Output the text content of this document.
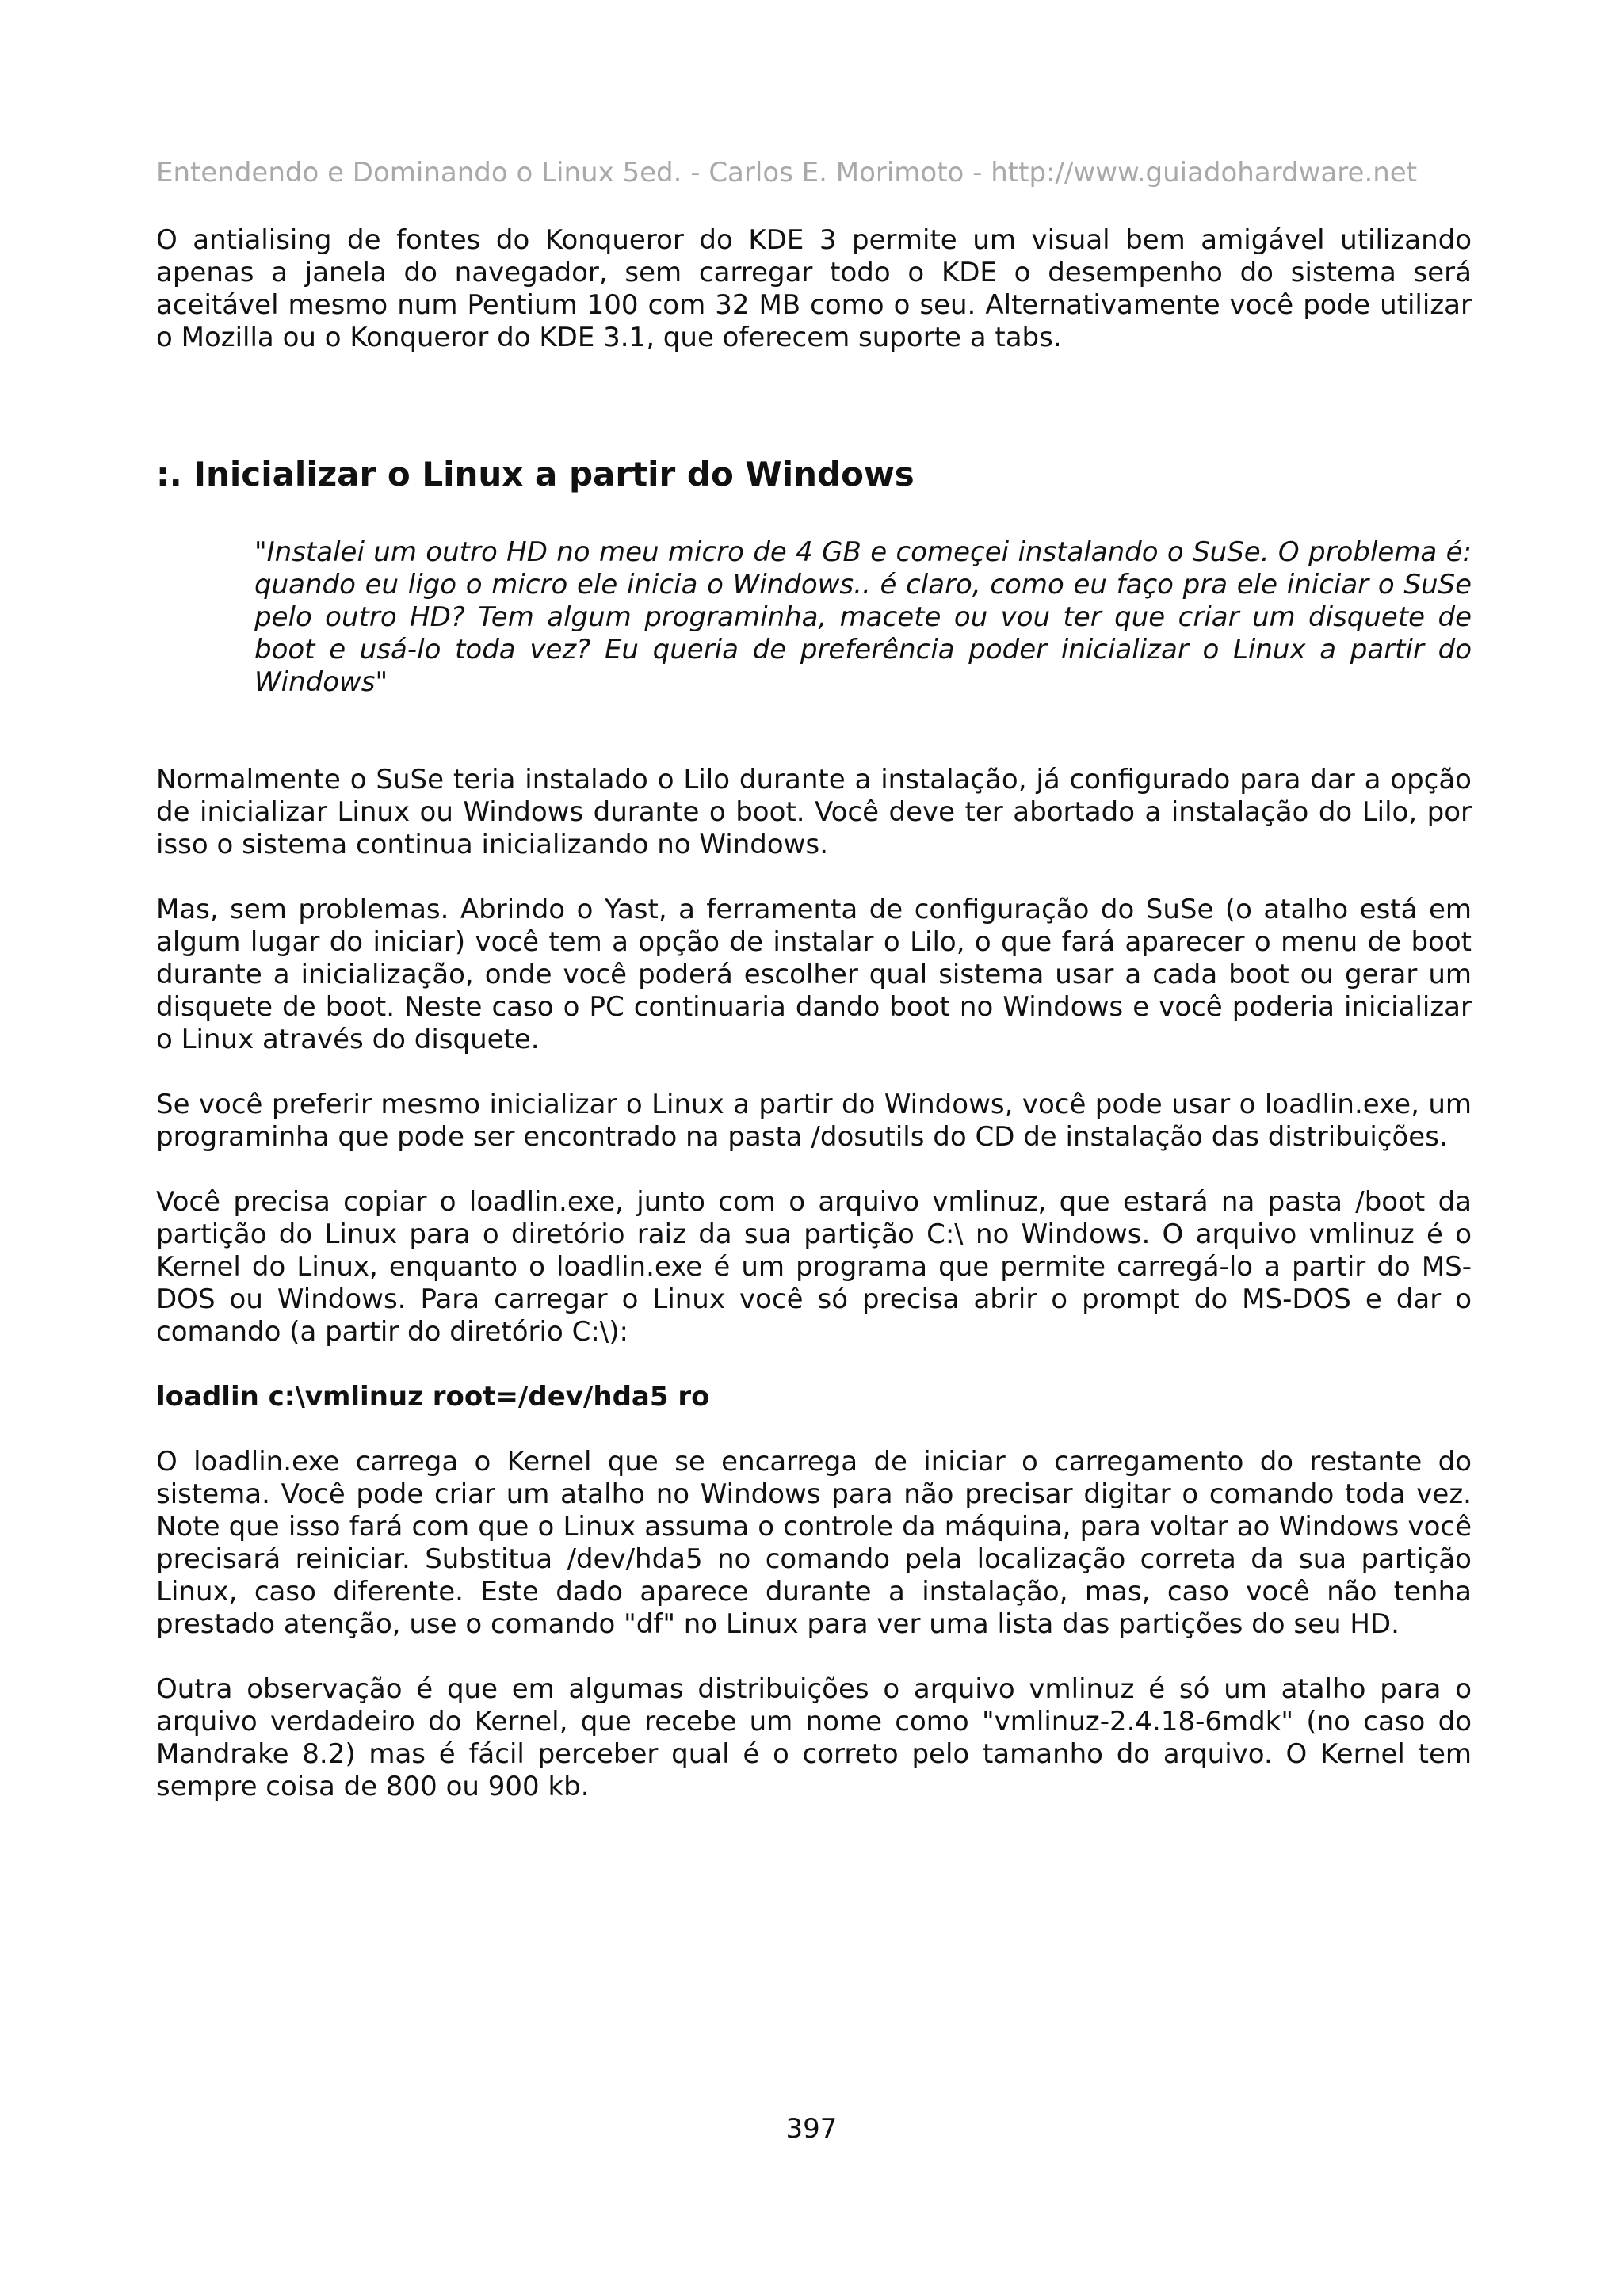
Entendendo e Dominando o Linux 5ed. - Carlos E. Morimoto - http://www.guiadohardware.net

O antialising de fontes do Konqueror do KDE 3 permite um visual bem amigável utilizando apenas a janela do navegador, sem carregar todo o KDE o desempenho do sistema será aceitável mesmo num Pentium 100 com 32 MB como o seu. Alternativamente você pode utilizar o Mozilla ou o Konqueror do KDE 3.1, que oferecem suporte a tabs.

:. Inicializar o Linux a partir do Windows

"Instalei um outro HD no meu micro de 4 GB e começei instalando o SuSe. O problema é: quando eu ligo o micro ele inicia o Windows.. é claro, como eu faço pra ele iniciar o SuSe pelo outro HD? Tem algum programinha, macete ou vou ter que criar um disquete de boot e usá-lo toda vez? Eu queria de preferência poder inicializar o Linux a partir do Windows"

Normalmente o SuSe teria instalado o Lilo durante a instalação, já configurado para dar a opção de inicializar Linux ou Windows durante o boot. Você deve ter abortado a instalação do Lilo, por isso o sistema continua inicializando no Windows.

Mas, sem problemas. Abrindo o Yast, a ferramenta de configuração do SuSe (o atalho está em algum lugar do iniciar) você tem a opção de instalar o Lilo, o que fará aparecer o menu de boot durante a inicialização, onde você poderá escolher qual sistema usar a cada boot ou gerar um disquete de boot. Neste caso o PC continuaria dando boot no Windows e você poderia inicializar o Linux através do disquete.

Se você preferir mesmo inicializar o Linux a partir do Windows, você pode usar o loadlin.exe, um programinha que pode ser encontrado na pasta /dosutils do CD de instalação das distribuições.

Você precisa copiar o loadlin.exe, junto com o arquivo vmlinuz, que estará na pasta /boot da partição do Linux para o diretório raiz da sua partição C:\ no Windows. O arquivo vmlinuz é o Kernel do Linux, enquanto o loadlin.exe é um programa que permite carregá-lo a partir do MS-DOS ou Windows. Para carregar o Linux você só precisa abrir o prompt do MS-DOS e dar o comando (a partir do diretório C:\):

loadlin c:\vmlinuz root=/dev/hda5 ro

O loadlin.exe carrega o Kernel que se encarrega de iniciar o carregamento do restante do sistema. Você pode criar um atalho no Windows para não precisar digitar o comando toda vez. Note que isso fará com que o Linux assuma o controle da máquina, para voltar ao Windows você precisará reiniciar. Substitua /dev/hda5 no comando pela localização correta da sua partição Linux, caso diferente. Este dado aparece durante a instalação, mas, caso você não tenha prestado atenção, use o comando "df" no Linux para ver uma lista das partições do seu HD.

Outra observação é que em algumas distribuições o arquivo vmlinuz é só um atalho para o arquivo verdadeiro do Kernel, que recebe um nome como "vmlinuz-2.4.18-6mdk" (no caso do Mandrake 8.2) mas é fácil perceber qual é o correto pelo tamanho do arquivo. O Kernel tem sempre coisa de 800 ou 900 kb.

397
